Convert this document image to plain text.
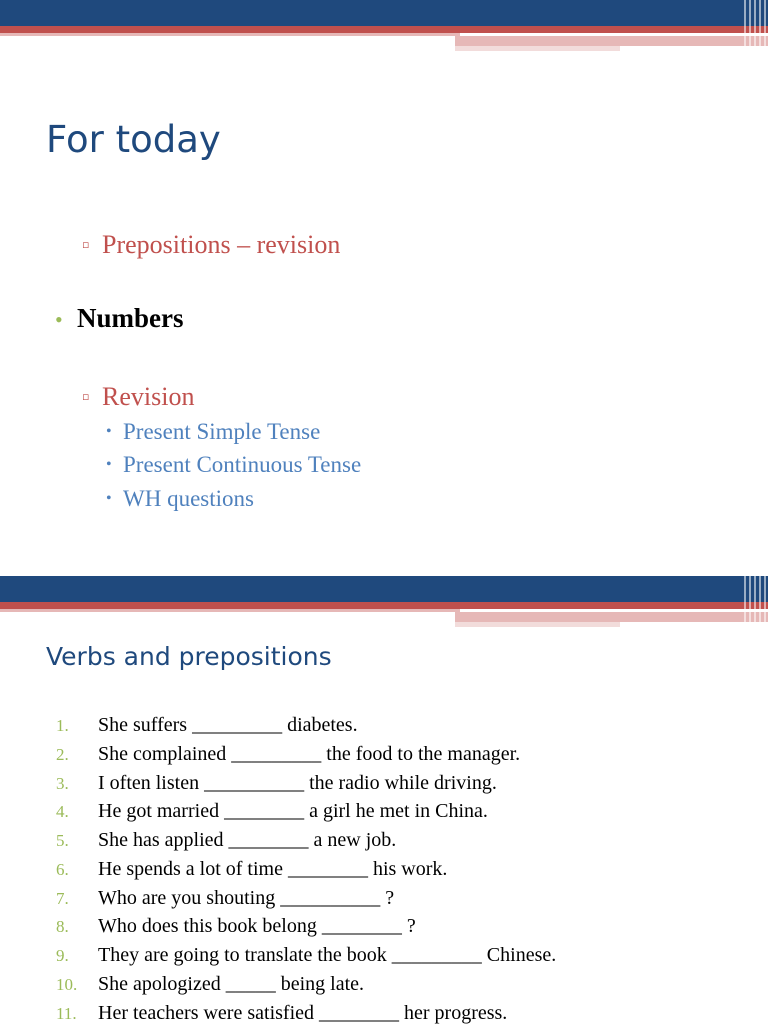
For today
▫ Prepositions – revision
• Numbers
▫ Revision
• Present Simple Tense
• Present Continuous Tense
• WH questions
Verbs and prepositions
1. She suffers _________ diabetes.
2. She complained _________ the food to the manager.
3. I often listen __________ the radio while driving.
4. He got married ________ a girl he met in China.
5. She has applied ________ a new job.
6. He spends a lot of time ________ his work.
7. Who are you shouting __________ ?
8. Who does this book belong ________ ?
9. They are going to translate the book _________ Chinese.
10. She apologized _____ being late.
11. Her teachers were satisfied ________ her progress.
